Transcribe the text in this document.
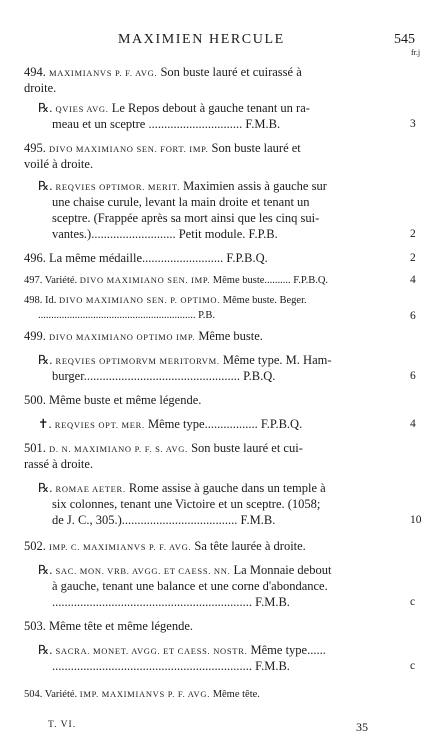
MAXIMIEN HERCULE	545
fr.j
494. MAXIMIANVS P. F. AVG. Son buste lauré et cuirassé à
droite.
℞. QVIES AVG. Le Repos debout à gauche tenant un ra-
meau et un sceptre .............................. F.M.B.	3
495. DIVO MAXIMIANO SEN. FORT. IMP. Son buste lauré et
voilé à droite.
℞. REQVIES OPTIMOR. MERIT. Maximien assis à gauche sur
une chaise curule, levant la main droite et tenant un
sceptre. (Frappée après sa mort ainsi que les cinq sui-
vantes.)........................... Petit module. F.P.B.	2
496. La même médaille.......................... F.P.B.Q.	2
497. Variété. DIVO MAXIMIANO SEN. IMP. Même buste.......... F.P.B.Q.	4
498. Id. DIVO MAXIMIANO SEN. P. OPTIMO. Même buste. Beger.
............................................................ P.B.	6
499. DIVO MAXIMIANO OPTIMO IMP. Même buste.
℞. REQVIES OPTIMORVM MERITORVM. Même type. M. Ham-
burger.................................................. P.B.Q.	6
500. Même buste et même légende.
✝. REQVIES OPT. MER. Même type................. F.P.B.Q.	4
501. D. N. MAXIMIANO P. F. S. AVG. Son buste lauré et cui-
rassé à droite.
℞. ROMAE AETER. Rome assise à gauche dans un temple à
six colonnes, tenant une Victoire et un sceptre. (1058;
de J. C., 305.)..................................... F.M.B.	10
502. IMP. C. MAXIMIANVS P. F. AVG. Sa tête laurée à droite.
℞. SAC. MON. VRB. AVGG. ET CAESS. NN. La Monnaie debout
à gauche, tenant une balance et une corne d'abondance.
................................................................ F.M.B.	c
503. Même tête et même légende.
℞. SACRA. MONET. AVGG. ET CAESS. NOSTR. Même type......
................................................................ F.M.B.	c
504. Variété. IMP. MAXIMIANVS P. F. AVG. Même tête.
T. VI.	35
